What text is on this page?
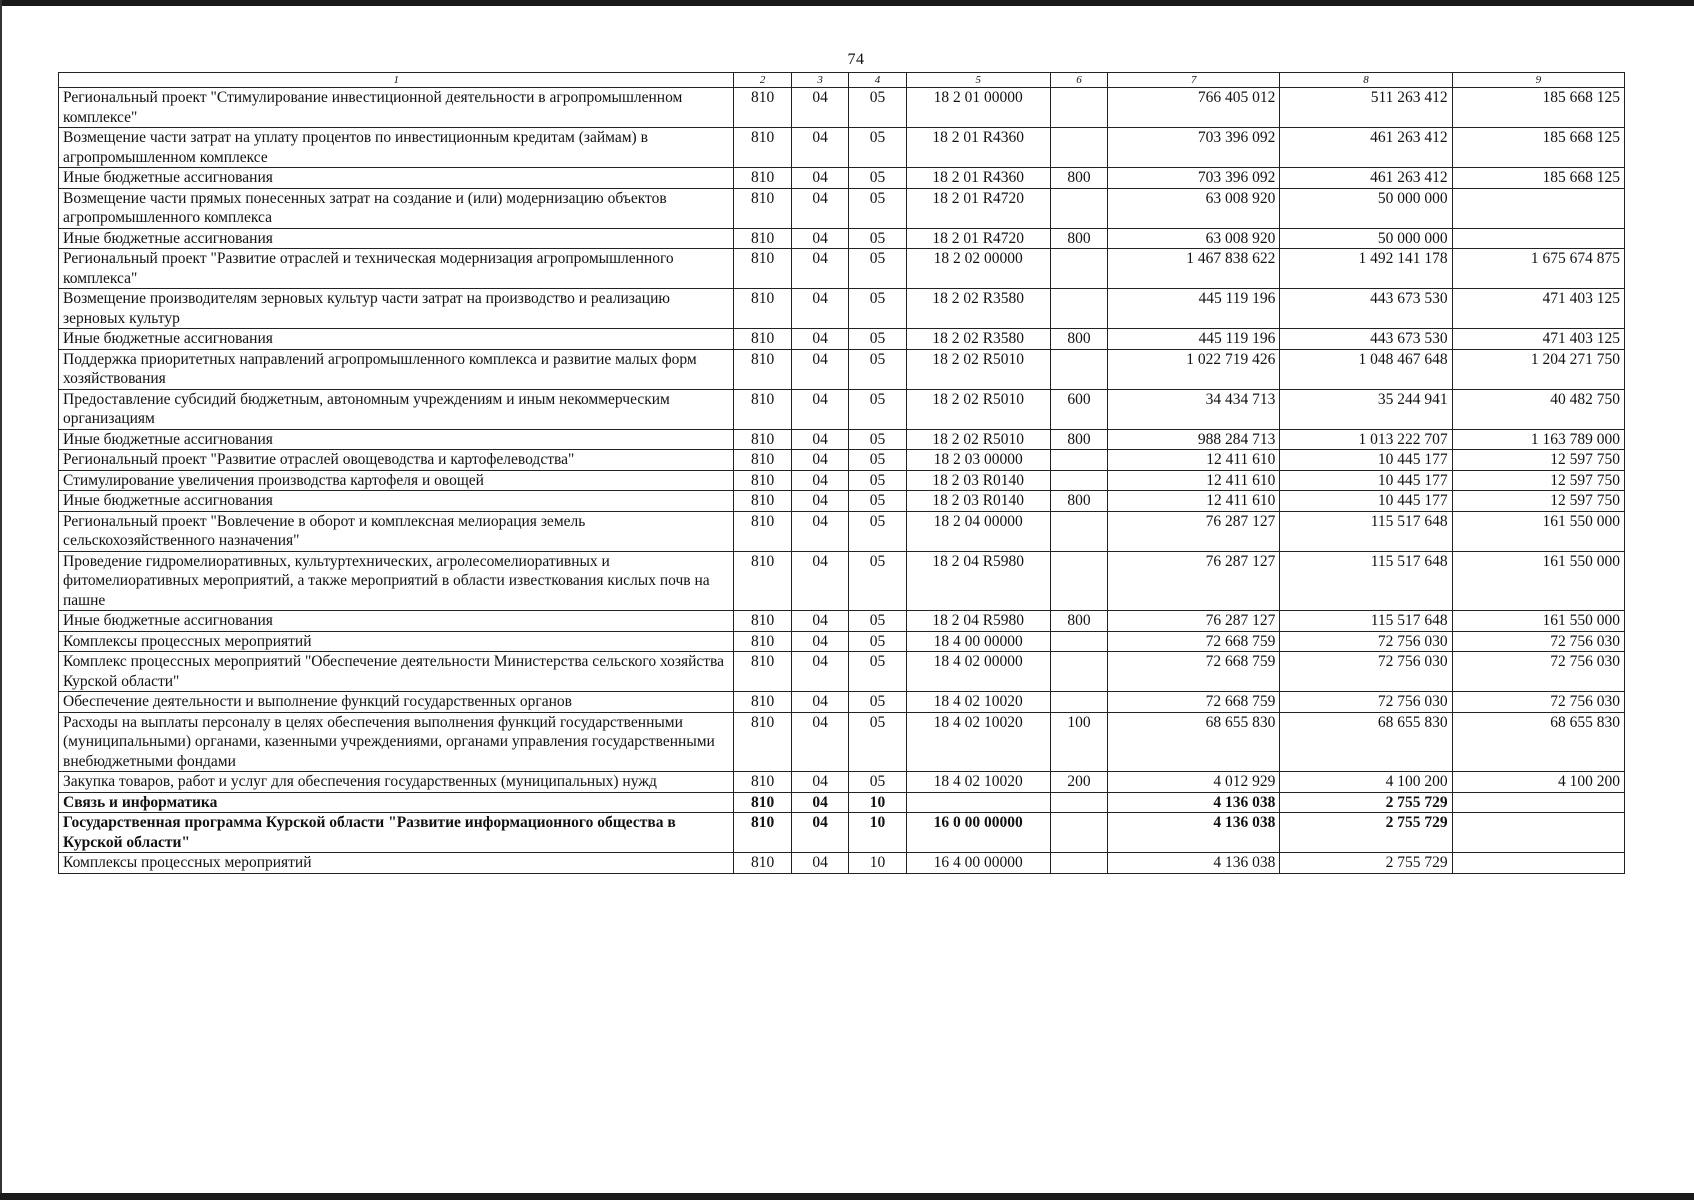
74
1	2	3	4	5	6	7	8	9
Региональный проект "Стимулирование инвестиционной деятельности в агропромышленном комплексе"	810	04	05	18 2 01 00000		766 405 012	511 263 412	185 668 125
Возмещение части затрат на уплату процентов по инвестиционным кредитам (займам) в агропромышленном комплексе	810	04	05	18 2 01 R4360		703 396 092	461 263 412	185 668 125
Иные бюджетные ассигнования	810	04	05	18 2 01 R4360	800	703 396 092	461 263 412	185 668 125
Возмещение части прямых понесенных затрат на создание и (или) модернизацию объектов агропромышленного комплекса	810	04	05	18 2 01 R4720		63 008 920	50 000 000	
Иные бюджетные ассигнования	810	04	05	18 2 01 R4720	800	63 008 920	50 000 000	
Региональный проект "Развитие отраслей и техническая модернизация агропромышленного комплекса"	810	04	05	18 2 02 00000		1 467 838 622	1 492 141 178	1 675 674 875
Возмещение производителям зерновых культур части затрат на производство и реализацию зерновых культур	810	04	05	18 2 02 R3580		445 119 196	443 673 530	471 403 125
Иные бюджетные ассигнования	810	04	05	18 2 02 R3580	800	445 119 196	443 673 530	471 403 125
Поддержка приоритетных направлений агропромышленного комплекса и развитие малых форм хозяйствования	810	04	05	18 2 02 R5010		1 022 719 426	1 048 467 648	1 204 271 750
Предоставление субсидий бюджетным, автономным учреждениям и иным некоммерческим организациям	810	04	05	18 2 02 R5010	600	34 434 713	35 244 941	40 482 750
Иные бюджетные ассигнования	810	04	05	18 2 02 R5010	800	988 284 713	1 013 222 707	1 163 789 000
Региональный проект "Развитие отраслей овощеводства и картофелеводства"	810	04	05	18 2 03 00000		12 411 610	10 445 177	12 597 750
Стимулирование увеличения производства картофеля и овощей	810	04	05	18 2 03 R0140		12 411 610	10 445 177	12 597 750
Иные бюджетные ассигнования	810	04	05	18 2 03 R0140	800	12 411 610	10 445 177	12 597 750
Региональный проект "Вовлечение в оборот и комплексная мелиорация земель сельскохозяйственного назначения"	810	04	05	18 2 04 00000		76 287 127	115 517 648	161 550 000
Проведение гидромелиоративных, культуртехнических, агролесомелиоративных и фитомелиоративных мероприятий, а также мероприятий в области известкования кислых почв на пашне	810	04	05	18 2 04 R5980		76 287 127	115 517 648	161 550 000
Иные бюджетные ассигнования	810	04	05	18 2 04 R5980	800	76 287 127	115 517 648	161 550 000
Комплексы процессных мероприятий	810	04	05	18 4 00 00000		72 668 759	72 756 030	72 756 030
Комплекс процессных мероприятий "Обеспечение деятельности Министерства сельского хозяйства Курской области"	810	04	05	18 4 02 00000		72 668 759	72 756 030	72 756 030
Обеспечение деятельности и выполнение функций государственных органов	810	04	05	18 4 02 10020		72 668 759	72 756 030	72 756 030
Расходы на выплаты персоналу в целях обеспечения выполнения функций государственными (муниципальными) органами, казенными учреждениями, органами управления государственными внебюджетными фондами	810	04	05	18 4 02 10020	100	68 655 830	68 655 830	68 655 830
Закупка товаров, работ и услуг для обеспечения государственных (муниципальных) нужд	810	04	05	18 4 02 10020	200	4 012 929	4 100 200	4 100 200
Связь и информатика	810	04	10			4 136 038	2 755 729	
Государственная программа Курской области "Развитие информационного общества в Курской области"	810	04	10	16 0 00 00000		4 136 038	2 755 729	
Комплексы процессных мероприятий	810	04	10	16 4 00 00000		4 136 038	2 755 729	
